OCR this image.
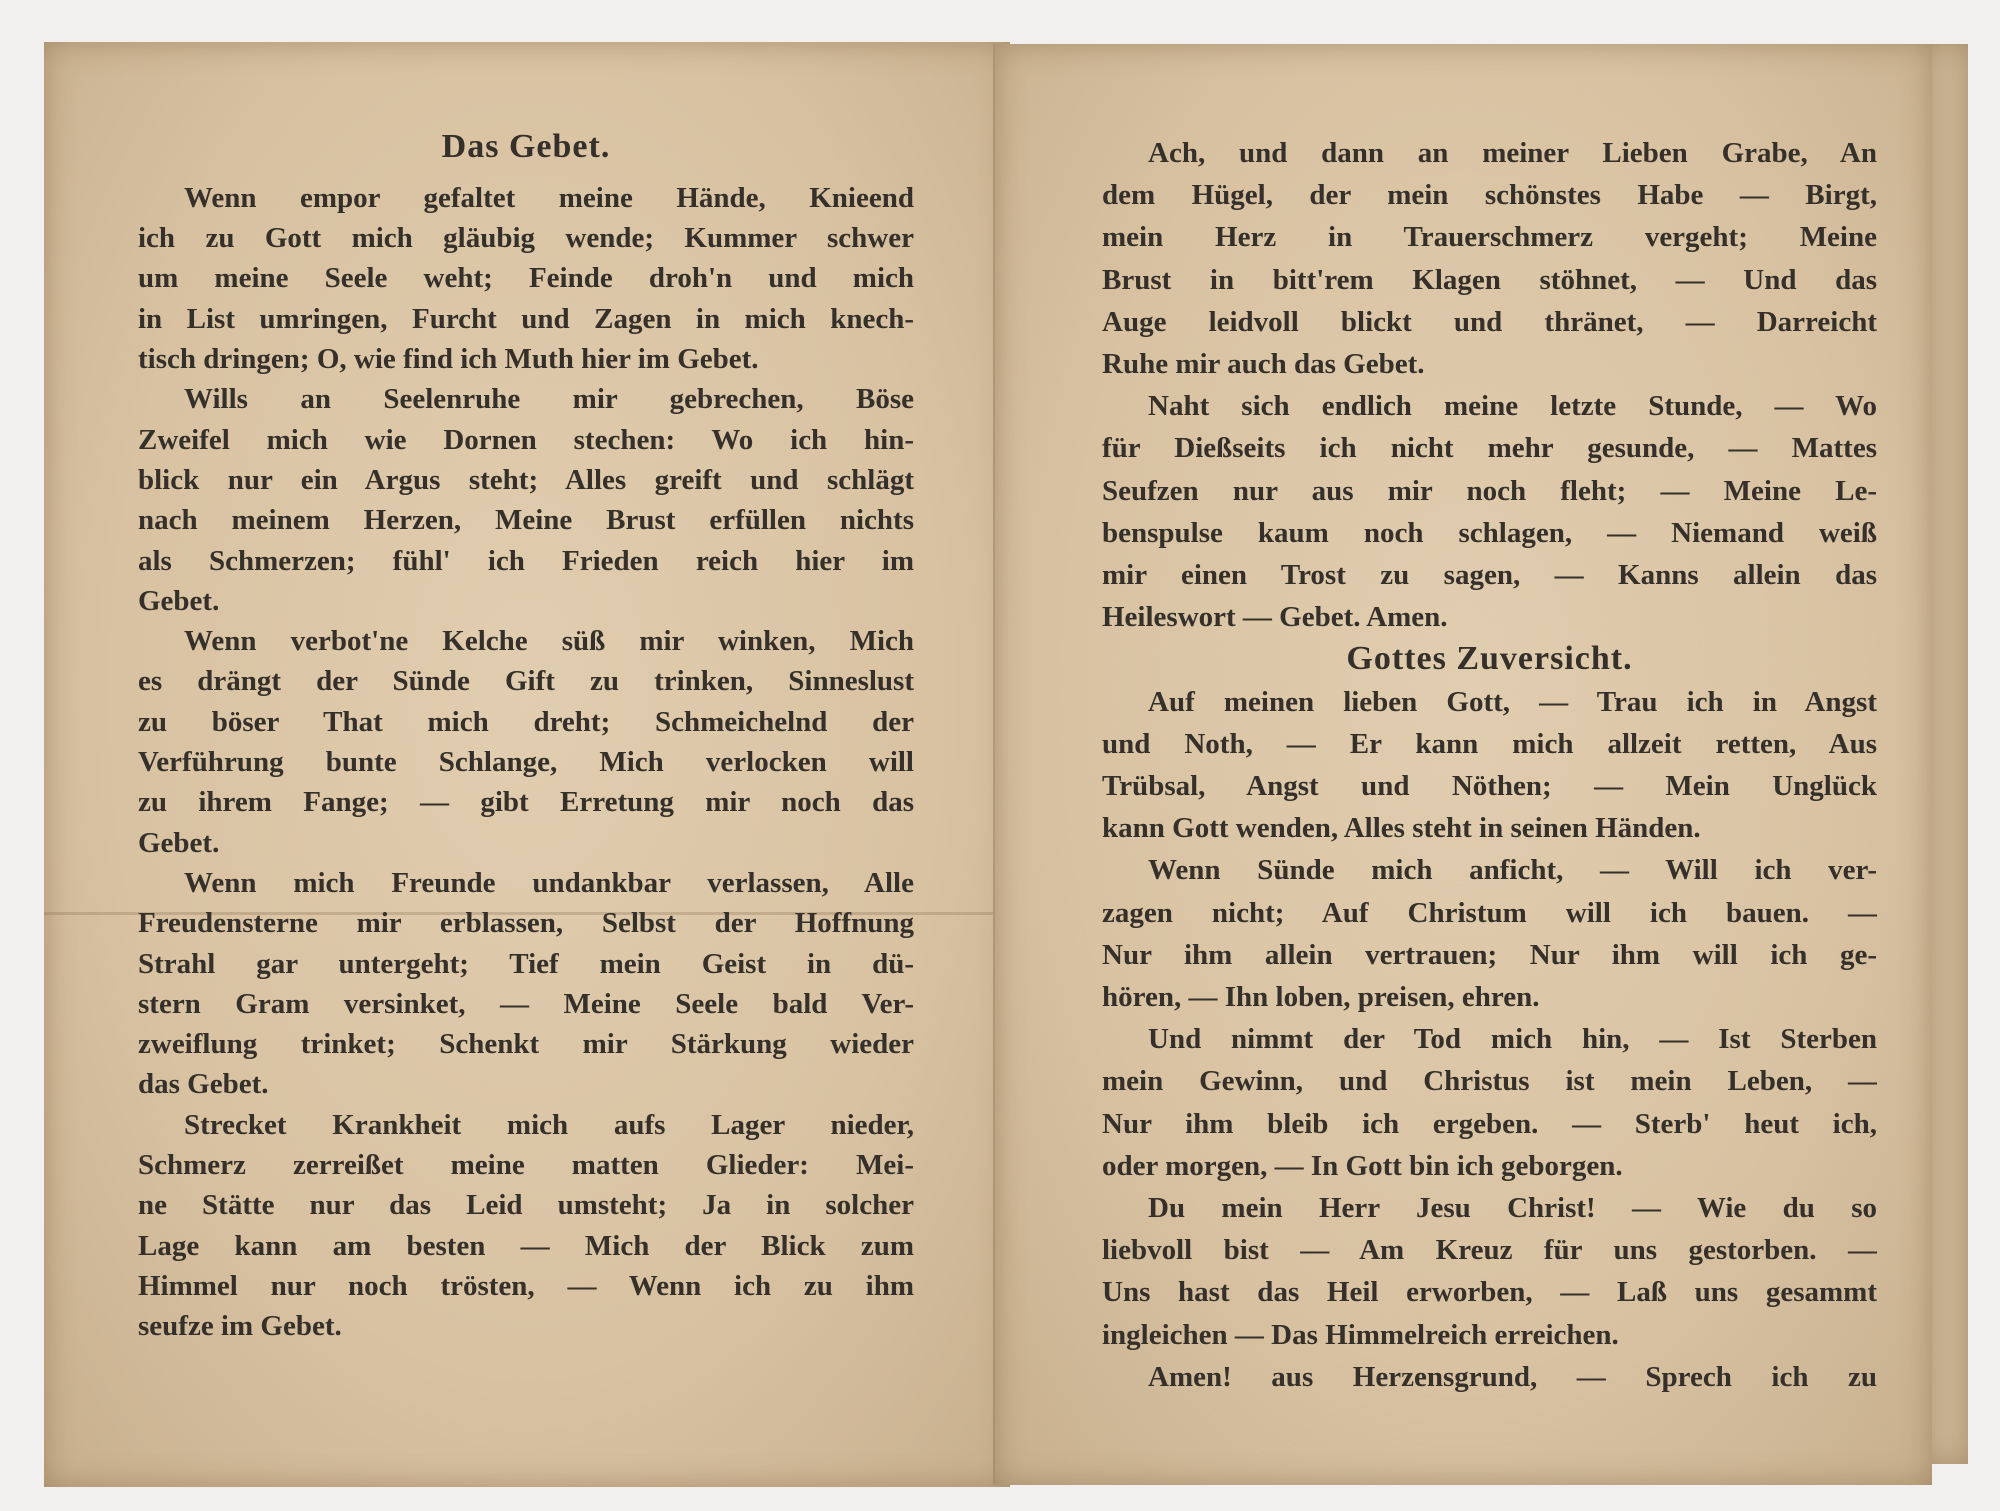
Das Gebet.
Wenn empor gefaltet meine Hände, Knieend
ich zu Gott mich gläubig wende; Kummer schwer
um meine Seele weht; Feinde droh'n und mich
in List umringen, Furcht und Zagen in mich knech-
tisch dringen; O, wie find ich Muth hier im Gebet.
Wills an Seelenruhe mir gebrechen, Böse
Zweifel mich wie Dornen stechen: Wo ich hin-
blick nur ein Argus steht; Alles greift und schlägt
nach meinem Herzen, Meine Brust erfüllen nichts
als Schmerzen; fühl' ich Frieden reich hier im
Gebet.
Wenn verbot'ne Kelche süß mir winken, Mich
es drängt der Sünde Gift zu trinken, Sinneslust
zu böser That mich dreht; Schmeichelnd der
Verführung bunte Schlange, Mich verlocken will
zu ihrem Fange; — gibt Erretung mir noch das
Gebet.
Wenn mich Freunde undankbar verlassen, Alle
Freudensterne mir erblassen, Selbst der Hoffnung
Strahl gar untergeht; Tief mein Geist in dü-
stern Gram versinket, — Meine Seele bald Ver-
zweiflung trinket; Schenkt mir Stärkung wieder
das Gebet.
Strecket Krankheit mich aufs Lager nieder,
Schmerz zerreißet meine matten Glieder: Mei-
ne Stätte nur das Leid umsteht; Ja in solcher
Lage kann am besten — Mich der Blick zum
Himmel nur noch trösten, — Wenn ich zu ihm
seufze im Gebet.
Ach, und dann an meiner Lieben Grabe, An
dem Hügel, der mein schönstes Habe — Birgt,
mein Herz in Trauerschmerz vergeht; Meine
Brust in bitt'rem Klagen stöhnet, — Und das
Auge leidvoll blickt und thränet, — Darreicht
Ruhe mir auch das Gebet.
Naht sich endlich meine letzte Stunde, — Wo
für Dießseits ich nicht mehr gesunde, — Mattes
Seufzen nur aus mir noch fleht; — Meine Le-
benspulse kaum noch schlagen, — Niemand weiß
mir einen Trost zu sagen, — Kanns allein das
Heileswort — Gebet. Amen.
Gottes Zuversicht.
Auf meinen lieben Gott, — Trau ich in Angst
und Noth, — Er kann mich allzeit retten, Aus
Trübsal, Angst und Nöthen; — Mein Unglück
kann Gott wenden, Alles steht in seinen Händen.
Wenn Sünde mich anficht, — Will ich ver-
zagen nicht; Auf Christum will ich bauen. —
Nur ihm allein vertrauen; Nur ihm will ich ge-
hören, — Ihn loben, preisen, ehren.
Und nimmt der Tod mich hin, — Ist Sterben
mein Gewinn, und Christus ist mein Leben, —
Nur ihm bleib ich ergeben. — Sterb' heut ich,
oder morgen, — In Gott bin ich geborgen.
Du mein Herr Jesu Christ! — Wie du so
liebvoll bist — Am Kreuz für uns gestorben. —
Uns hast das Heil erworben, — Laß uns gesammt
ingleichen — Das Himmelreich erreichen.
Amen! aus Herzensgrund, — Sprech ich zu
